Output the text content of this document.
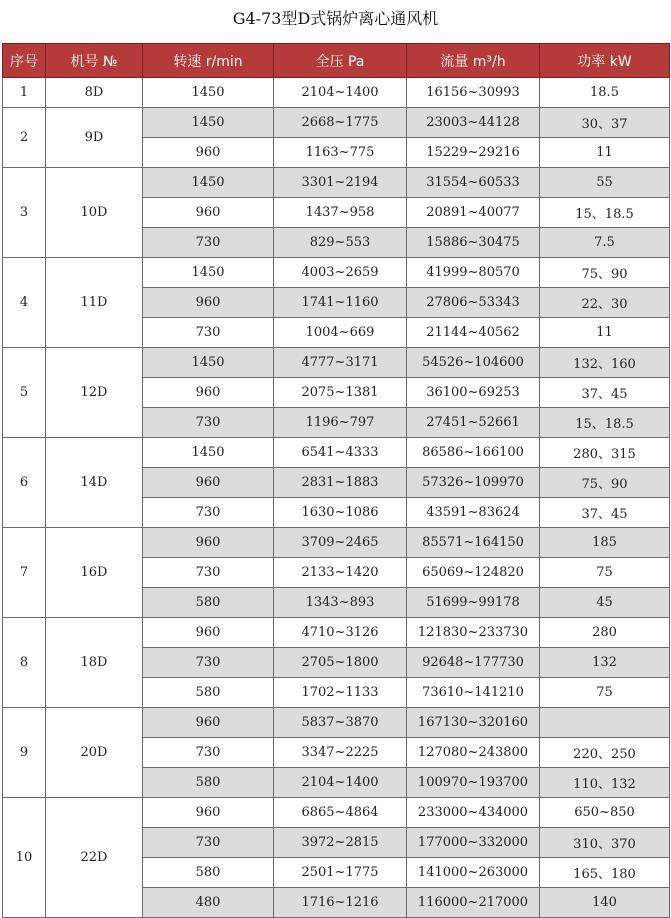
G4-73型D式锅炉离心通风机
序号	机号 №	转速 r/min	全压 Pa	流量 m³/h	功率 kW
1	8D	1450	2104~1400	16156~30993	18.5
2	9D	1450	2668~1775	23003~44128	30、37
		960	1163~775	15229~29216	11
3	10D	1450	3301~2194	31554~60533	55
		960	1437~958	20891~40077	15、18.5
		730	829~553	15886~30475	7.5
4	11D	1450	4003~2659	41999~80570	75、90
		960	1741~1160	27806~53343	22、30
		730	1004~669	21144~40562	11
5	12D	1450	4777~3171	54526~104600	132、160
		960	2075~1381	36100~69253	37、45
		730	1196~797	27451~52661	15、18.5
6	14D	1450	6541~4333	86586~166100	280、315
		960	2831~1883	57326~109970	75、90
		730	1630~1086	43591~83624	37、45
7	16D	960	3709~2465	85571~164150	185
		730	2133~1420	65069~124820	75
		580	1343~893	51699~99178	45
8	18D	960	4710~3126	121830~233730	280
		730	2705~1800	92648~177730	132
		580	1702~1133	73610~141210	75
9	20D	960	5837~3870	167130~320160	
		730	3347~2225	127080~243800	220、250
		580	2104~1400	100970~193700	110、132
10	22D	960	6865~4864	233000~434000	650~850
		730	3972~2815	177000~332000	310、370
		580	2501~1775	141000~263000	165、180
		480	1716~1216	116000~217000	140
